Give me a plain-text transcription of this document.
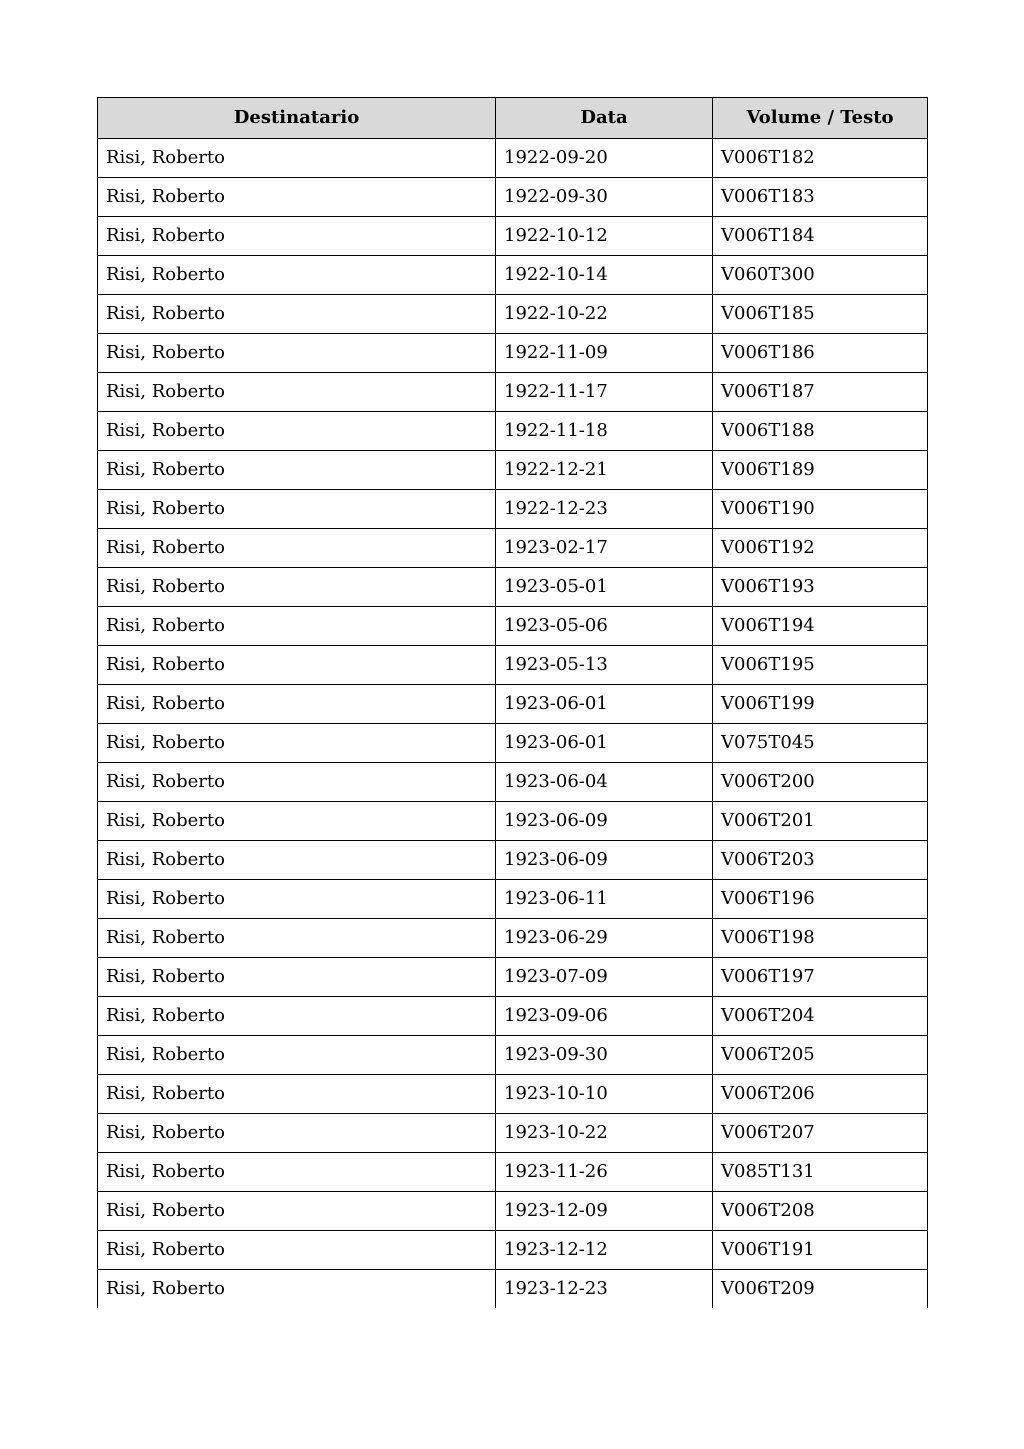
Destinatario	Data	Volume / Testo
Risi, Roberto	1922-09-20	V006T182
Risi, Roberto	1922-09-30	V006T183
Risi, Roberto	1922-10-12	V006T184
Risi, Roberto	1922-10-14	V060T300
Risi, Roberto	1922-10-22	V006T185
Risi, Roberto	1922-11-09	V006T186
Risi, Roberto	1922-11-17	V006T187
Risi, Roberto	1922-11-18	V006T188
Risi, Roberto	1922-12-21	V006T189
Risi, Roberto	1922-12-23	V006T190
Risi, Roberto	1923-02-17	V006T192
Risi, Roberto	1923-05-01	V006T193
Risi, Roberto	1923-05-06	V006T194
Risi, Roberto	1923-05-13	V006T195
Risi, Roberto	1923-06-01	V006T199
Risi, Roberto	1923-06-01	V075T045
Risi, Roberto	1923-06-04	V006T200
Risi, Roberto	1923-06-09	V006T201
Risi, Roberto	1923-06-09	V006T203
Risi, Roberto	1923-06-11	V006T196
Risi, Roberto	1923-06-29	V006T198
Risi, Roberto	1923-07-09	V006T197
Risi, Roberto	1923-09-06	V006T204
Risi, Roberto	1923-09-30	V006T205
Risi, Roberto	1923-10-10	V006T206
Risi, Roberto	1923-10-22	V006T207
Risi, Roberto	1923-11-26	V085T131
Risi, Roberto	1923-12-09	V006T208
Risi, Roberto	1923-12-12	V006T191
Risi, Roberto	1923-12-23	V006T209
